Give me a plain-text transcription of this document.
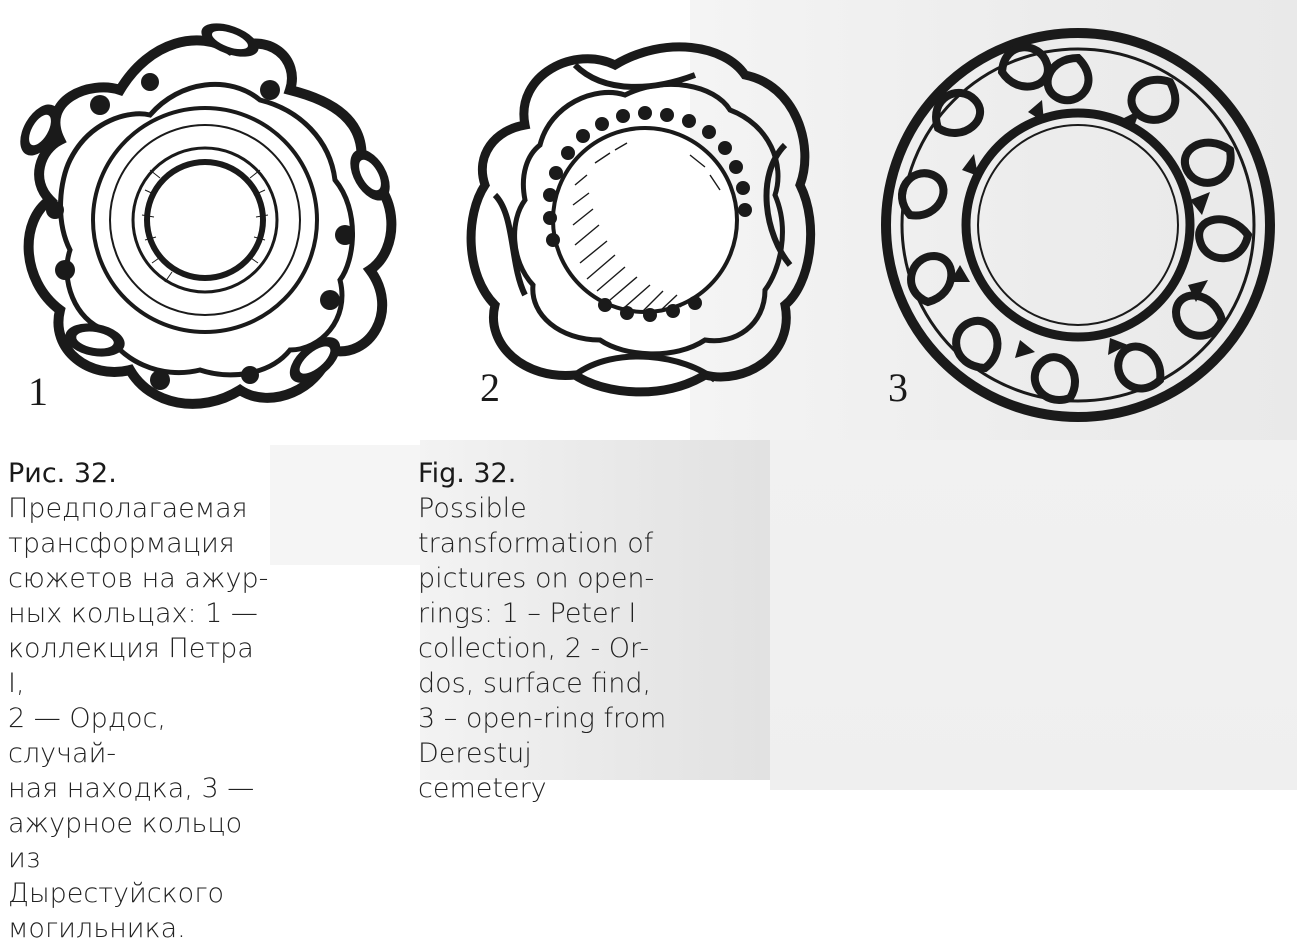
1	2	3
Рис. 32.
Предполагаемая
трансформация
сюжетов на ажур-
ных кольцах: 1 —
коллекция Петра I,
2 — Ордос, случай-
ная находка, 3 —
ажурное кольцо из
Дырестуйского
могильника.
Fig. 32.
Possible
transformation of
pictures on open-
rings: 1 – Peter I
collection, 2 - Or-
dos, surface find,
3 – open-ring from
Derestuj cemetery
